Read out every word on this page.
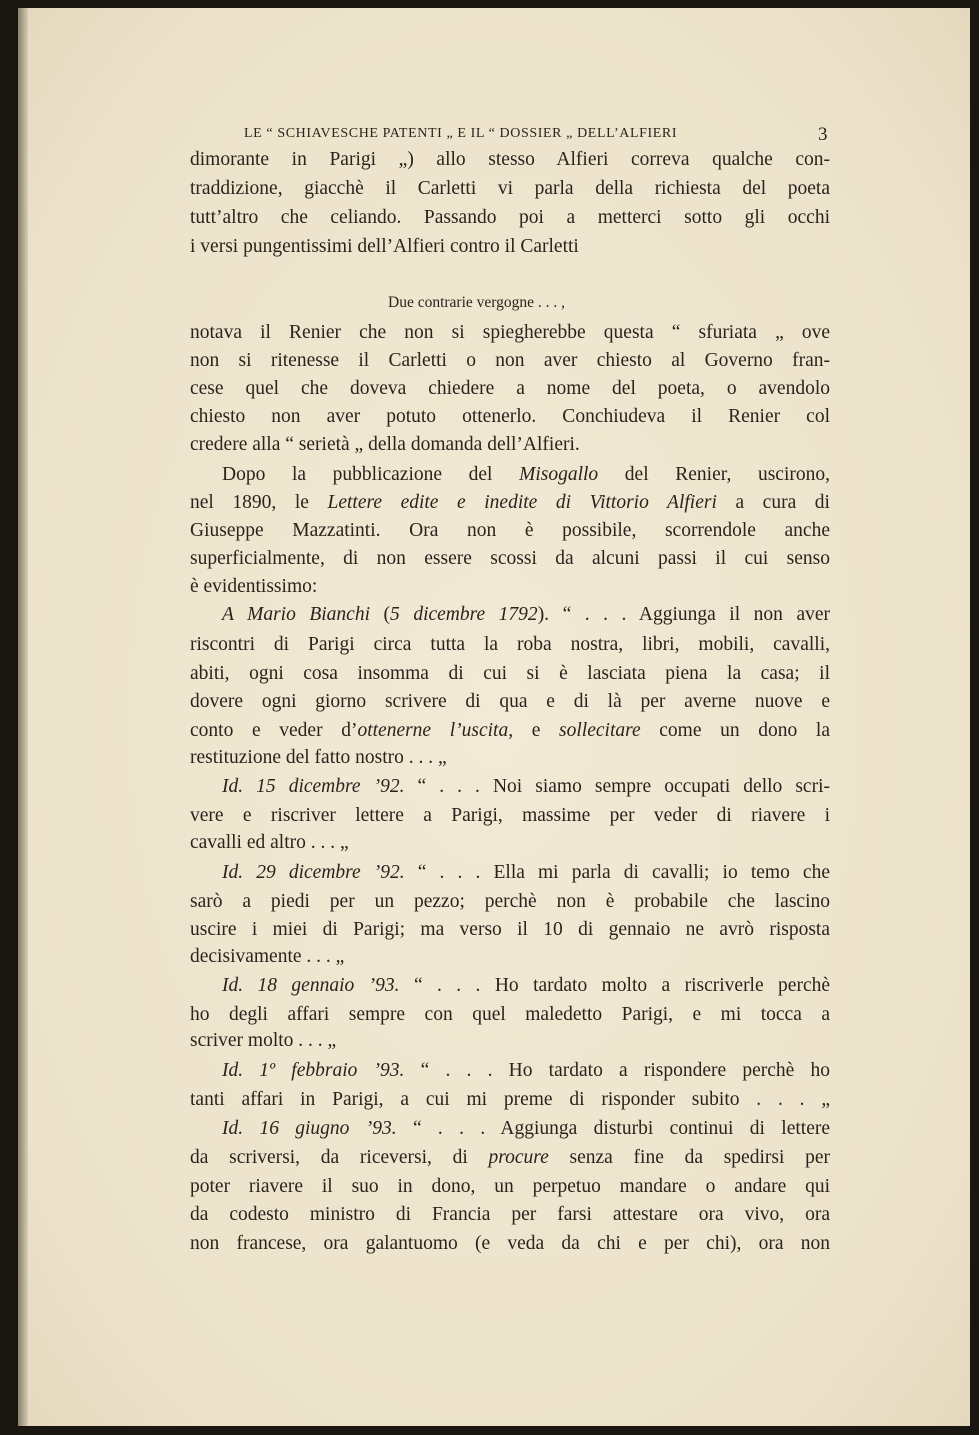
LE “ SCHIAVESCHE PATENTI „ E IL “ DOSSIER „ DELL’ALFIERI	3
Due contrarie vergogne . . . ,
dimorante in Parigi „) allo stesso Alfieri correva qualche con-
traddizione, giacchè il Carletti vi parla della richiesta del poeta
tutt’altro che celiando. Passando poi a metterci sotto gli occhi
i versi pungentissimi dell’Alfieri contro il Carletti
notava il Renier che non si spiegherebbe questa “ sfuriata „ ove
non si ritenesse il Carletti o non aver chiesto al Governo fran-
cese quel che doveva chiedere a nome del poeta, o avendolo
chiesto non aver potuto ottenerlo. Conchiudeva il Renier col
credere alla “ serietà „ della domanda dell’Alfieri.
Dopo la pubblicazione del Misogallo del Renier, uscirono,
nel 1890, le Lettere edite e inedite di Vittorio Alfieri a cura di
Giuseppe Mazzatinti. Ora non è possibile, scorrendole anche
superficialmente, di non essere scossi da alcuni passi il cui senso
è evidentissimo:
A Mario Bianchi (5 dicembre 1792). “ . . . Aggiunga il non aver
riscontri di Parigi circa tutta la roba nostra, libri, mobili, cavalli,
abiti, ogni cosa insomma di cui si è lasciata piena la casa; il
dovere ogni giorno scrivere di qua e di là per averne nuove e
conto e veder d’ottenerne l’uscita, e sollecitare come un dono la
restituzione del fatto nostro . . . „
Id. 15 dicembre ’92. “ . . . Noi siamo sempre occupati dello scri-
vere e riscriver lettere a Parigi, massime per veder di riavere i
cavalli ed altro . . . „
Id. 29 dicembre ’92. “ . . . Ella mi parla di cavalli; io temo che
sarò a piedi per un pezzo; perchè non è probabile che lascino
uscire i miei di Parigi; ma verso il 10 di gennaio ne avrò risposta
decisivamente . . . „
Id. 18 gennaio ’93. “ . . . Ho tardato molto a riscriverle perchè
ho degli affari sempre con quel maledetto Parigi, e mi tocca a
scriver molto . . . „
Id. 1º febbraio ’93. “ . . . Ho tardato a rispondere perchè ho
tanti affari in Parigi, a cui mi preme di risponder subito . . . „
Id. 16 giugno ’93. “ . . . Aggiunga disturbi continui di lettere
da scriversi, da riceversi, di procure senza fine da spedirsi per
poter riavere il suo in dono, un perpetuo mandare o andare qui
da codesto ministro di Francia per farsi attestare ora vivo, ora
non francese, ora galantuomo (e veda da chi e per chi), ora non
